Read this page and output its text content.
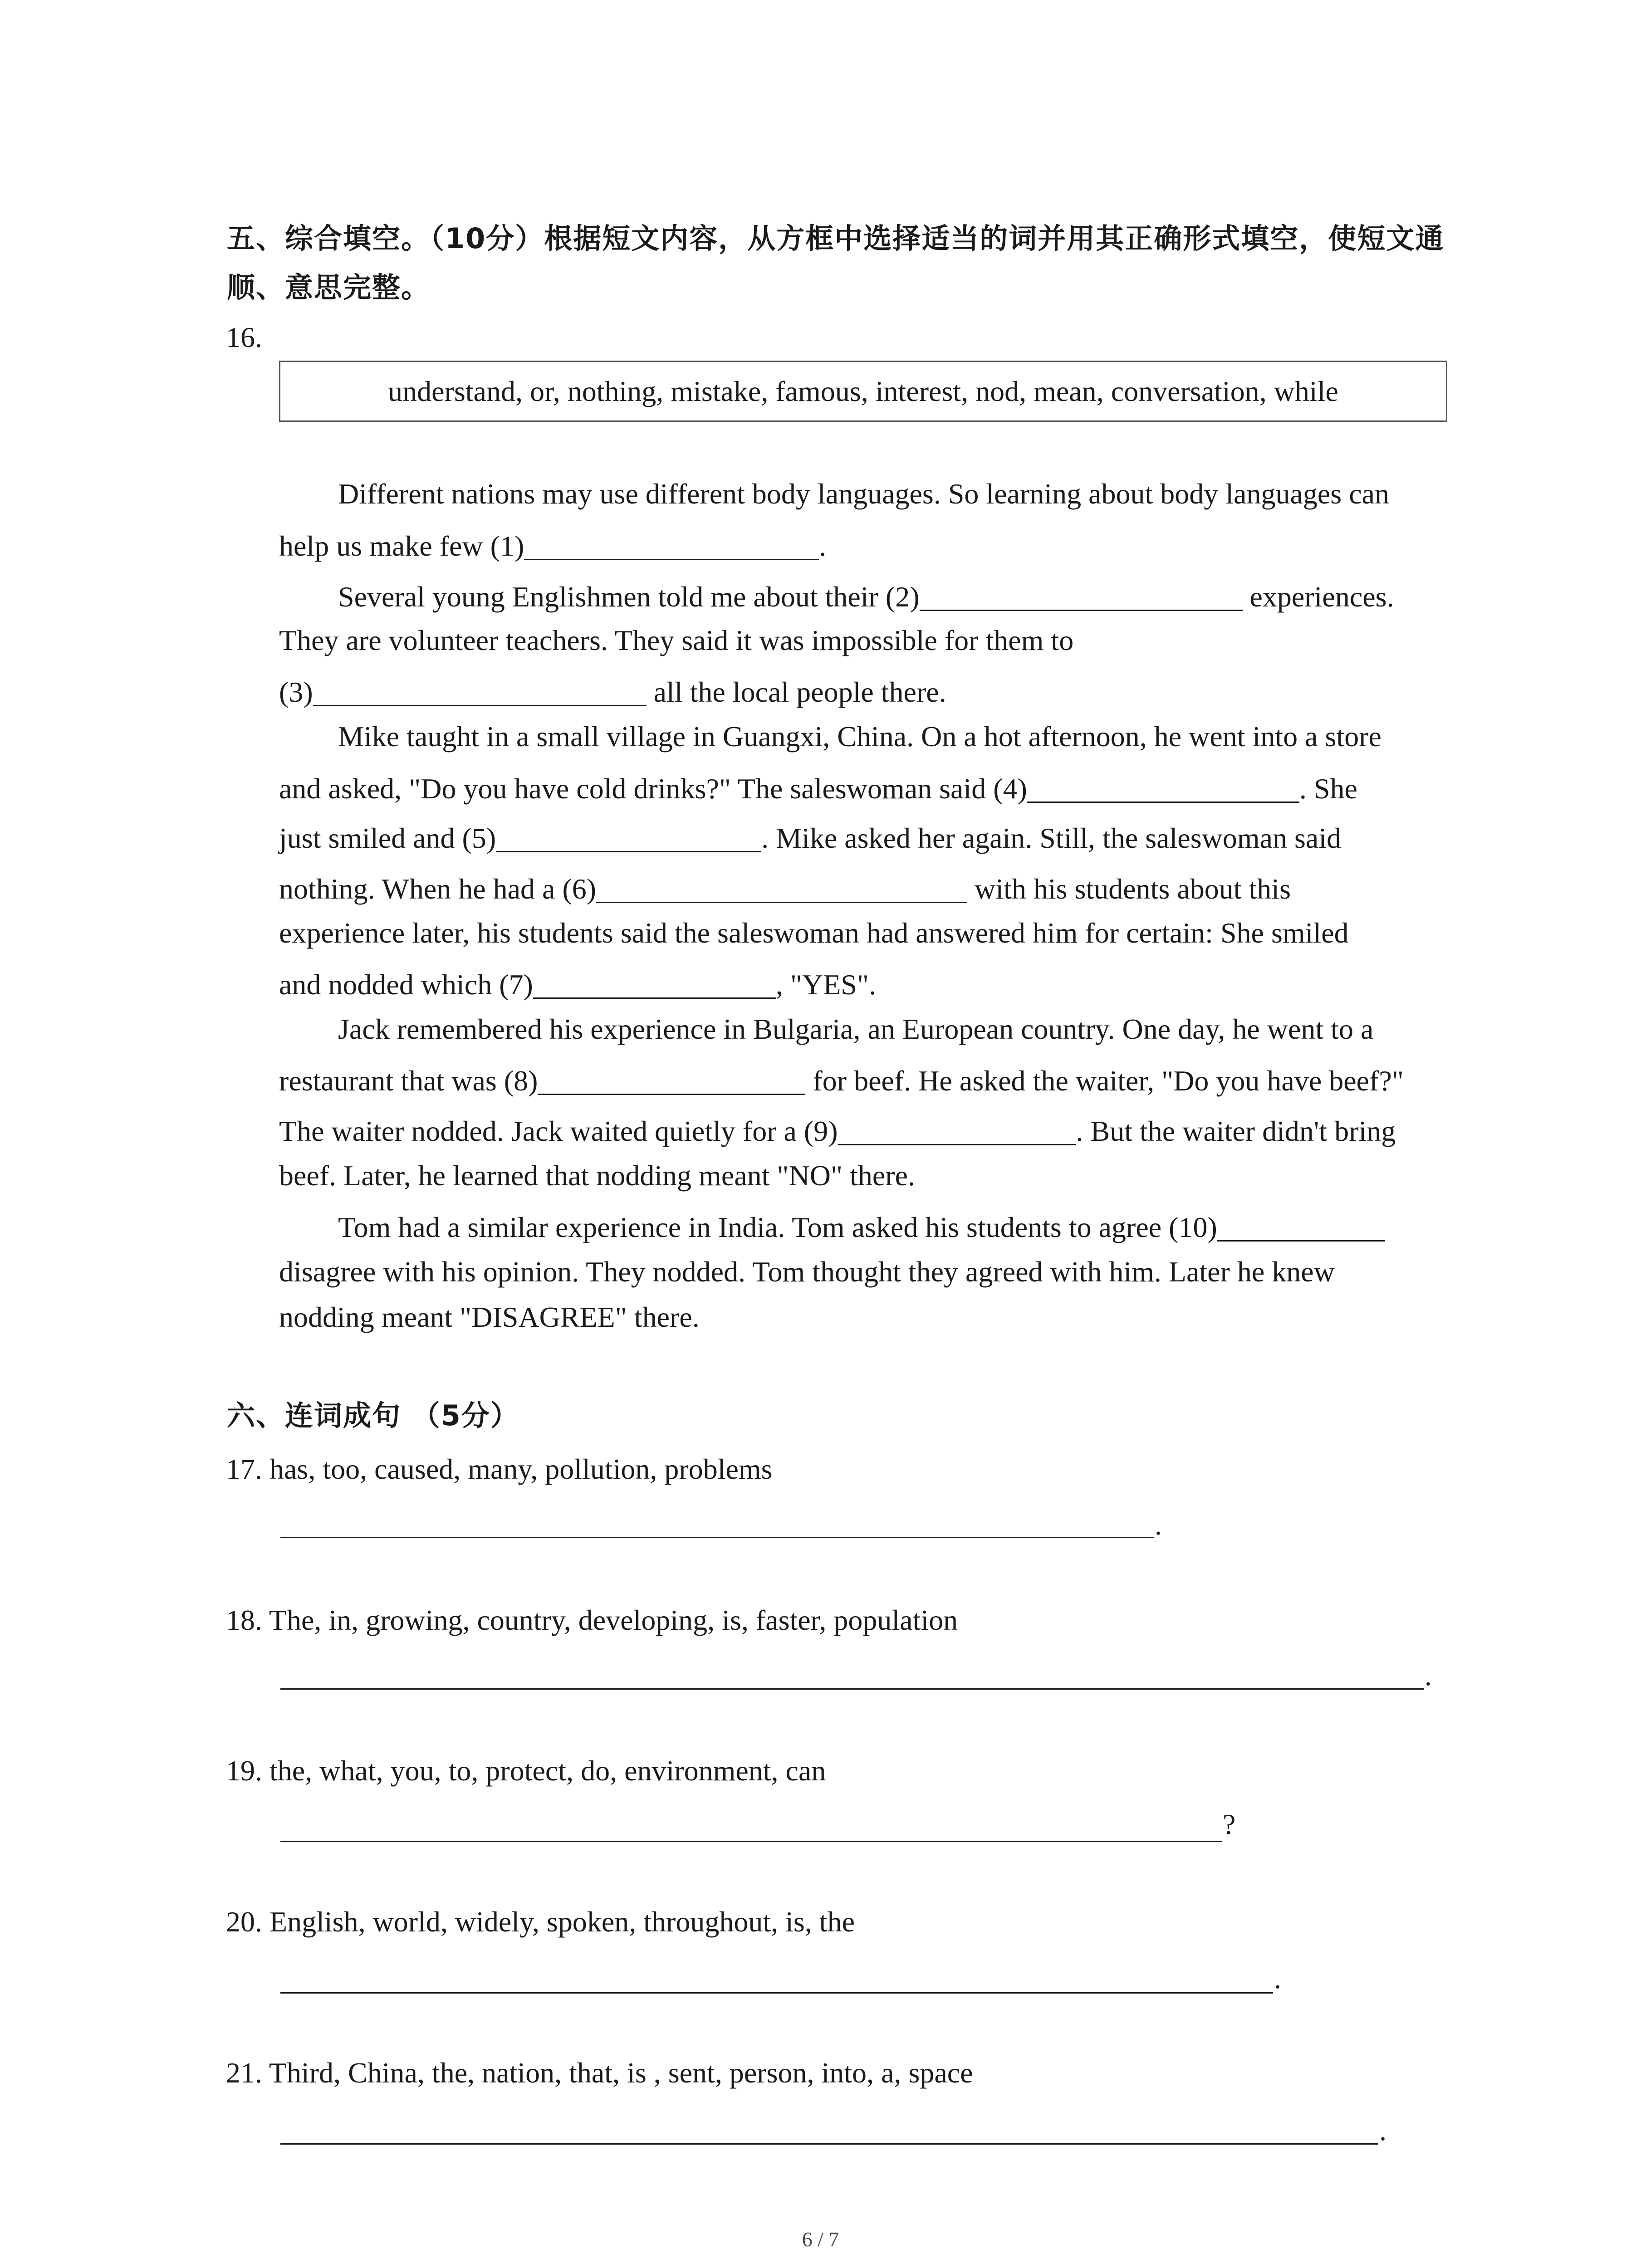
五、综合填空。（10分）根据短文内容，从方框中选择适当的词并用其正确形式填空，使短文通顺、意思完整。
16.
understand, or, nothing, mistake, famous, interest, nod, mean, conversation, while
Different nations may use different body languages. So learning about body languages can
help us make few (1)	.
Several young Englishmen told me about their (2)	experiences.
They are volunteer teachers. They said it was impossible for them to
(3)	all the local people there.
Mike taught in a small village in Guangxi, China. On a hot afternoon, he went into a store
and asked, "Do you have cold drinks?" The saleswoman said (4)	. She
just smiled and (5)	. Mike asked her again. Still, the saleswoman said
nothing. When he had a (6)	with his students about this
experience later, his students said the saleswoman had answered him for certain: She smiled
and nodded which (7)	, "YES".
Jack remembered his experience in Bulgaria, an European country. One day, he went to a
restaurant that was (8)	for beef. He asked the waiter, "Do you have beef?"
The waiter nodded. Jack waited quietly for a (9)	. But the waiter didn't bring
beef. Later, he learned that nodding meant "NO" there.
Tom had a similar experience in India. Tom asked his students to agree (10)
disagree with his opinion. They nodded. Tom thought they agreed with him. Later he knew
nodding meant "DISAGREE" there.
六、连词成句 （5分）
17. has, too, caused, many, pollution, problems
.
18. The, in, growing, country, developing, is, faster, population
.
19. the, what, you, to, protect, do, environment, can
?
20. English, world, widely, spoken, throughout, is, the
.
21. Third, China, the, nation, that, is , sent, person, into, a, space
.
6 / 7
